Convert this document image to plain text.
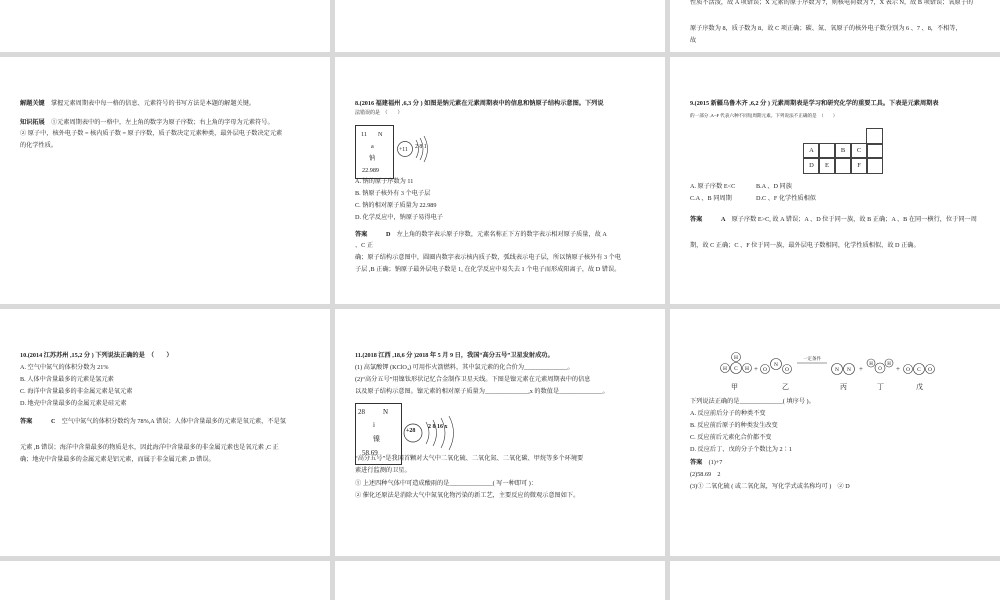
性质不活泼，故 A 项错误；X 元素的原子序数为 7，则核电荷数为 7，X 表示 N，故 B 项错误；氧原子的
原子序数为 8，质子数为 8，故 C 项正确；碳、氮、氧原子的核外电子数分别为 6 、7 、8，不相等，
故
解题关键　 掌握元素周期表中每一格的信息、元素符号的书写方法是本题的解题关键。
知识拓展　 ①元素周期表中的一格中，左上角的数字为原子序数；右上角的字母为元素符号。
② 原子中，核外电子数 = 核内质子数 = 原子序数，质子数决定元素种类，最外层电子数决定元素
的化学性质。
8.(2016 福建福州 ,6,3 分 ) 如图是钠元素在元素周期表中的信息和钠原子结构示意图。下列说
法错误的是　（　　）
11 N
a
钠
22.989
+11 2 8 1
A. 钠的原子序数为 11
B. 钠原子核外有 3 个电子层
C. 钠的相对原子质量为 22.989
D. 化学反应中，钠原子易得电子
答案　　　	D　 左上角的数字表示原子序数，元素名称正下方的数字表示相对原子质量，故 A
、C 正
确；原子结构示意图中，圆圈内数字表示核内质子数，弧线表示电子层，所以钠原子核外有 3 个电
子层 ,B 正确；钠原子最外层电子数是 1, 在化学反应中易失去 1 个电子而形成阳离子，故 D 错误。
9.(2015 新疆乌鲁木齐 ,6,2 分 ) 元素周期表是学习和研究化学的重要工具。下表是元素周期表
的一部分 ,A~F 代表六种不同短周期元素。下列说法不正确的是　（　　）
A	B	C
D	E	F
A. 原子序数 E<C	B.A 、D 同族
C.A 、B 同周期	D.C 、F 化学性质相似
答案　　　	A　 原子序数 E>C, 故 A 错误；A 、D 位于同一族，故 B 正确；A 、B 在同一横行，位于同一周
期，故 C 正确；C 、F 位于同一族，最外层电子数相同，化学性质相似，故 D 正确。
10.(2014 江苏苏州 ,15,2 分 ) 下列说法正确的是　（　　）
A. 空气中氮气的体积分数为 21%
B. 人体中含量最多的元素是氢元素
C. 海洋中含量最多的非金属元素是氧元素
D. 地壳中含量最多的金属元素是硅元素
答案　　　	C　 空气中氮气的体积分数约为 78%,A 错误；人体中含量最多的元素是氧元素，不是氢
元素 ,B 错误；海洋中含量最多的物质是水，因此海洋中含量最多的非金属元素也是氧元素 ,C 正
确；地壳中含量最多的金属元素是铝元素，而属于非金属元素 ,D 错误。
11.(2018 江西 ,18,6 分 )2018 年 5 月 9 日，我国“高分五号”卫星发射成功。
(1) 高氯酸钾 (KClO₄) 可用作火箭燃料，其中氯元素的化合价为______________。
(2)“高分五号”用镍钛形状记忆合金制作卫星天线。下图是镍元素在元素周期表中的信息
以及原子结构示意图。镍元素的相对原子质量为______________,x 的数值是______________。
28	N
i
镍
58.69
+28
2 8 16 x
“高分五号”是我国首颗对大气中二氧化硫、二氧化氮、二氧化碳、甲烷等多个环境要
素进行监测的卫星。
① 上述四种气体中可造成酸雨的是______________( 写一种即可 )：
② 催化还原法是消除大气中氮氧化物污染的新工艺，主要反应的微观示意图如下。
H C H
H
+ O
N
O
一定条件
N N +
H
O
H
+ O C O
甲	乙	丙	丁	戊
下列说法正确的是______________( 填序号 )。
A. 反应前后分子的种类不变
B. 反应前后原子的种类发生改变
C. 反应前后元素化合价都不变
D. 反应后丁、戊的分子个数比为 2∶1
答案　 (1)+7
(2)58.69　2
(3)① 二氧化硫 ( 或二氧化氮，写化学式或名称均可 )　② D
